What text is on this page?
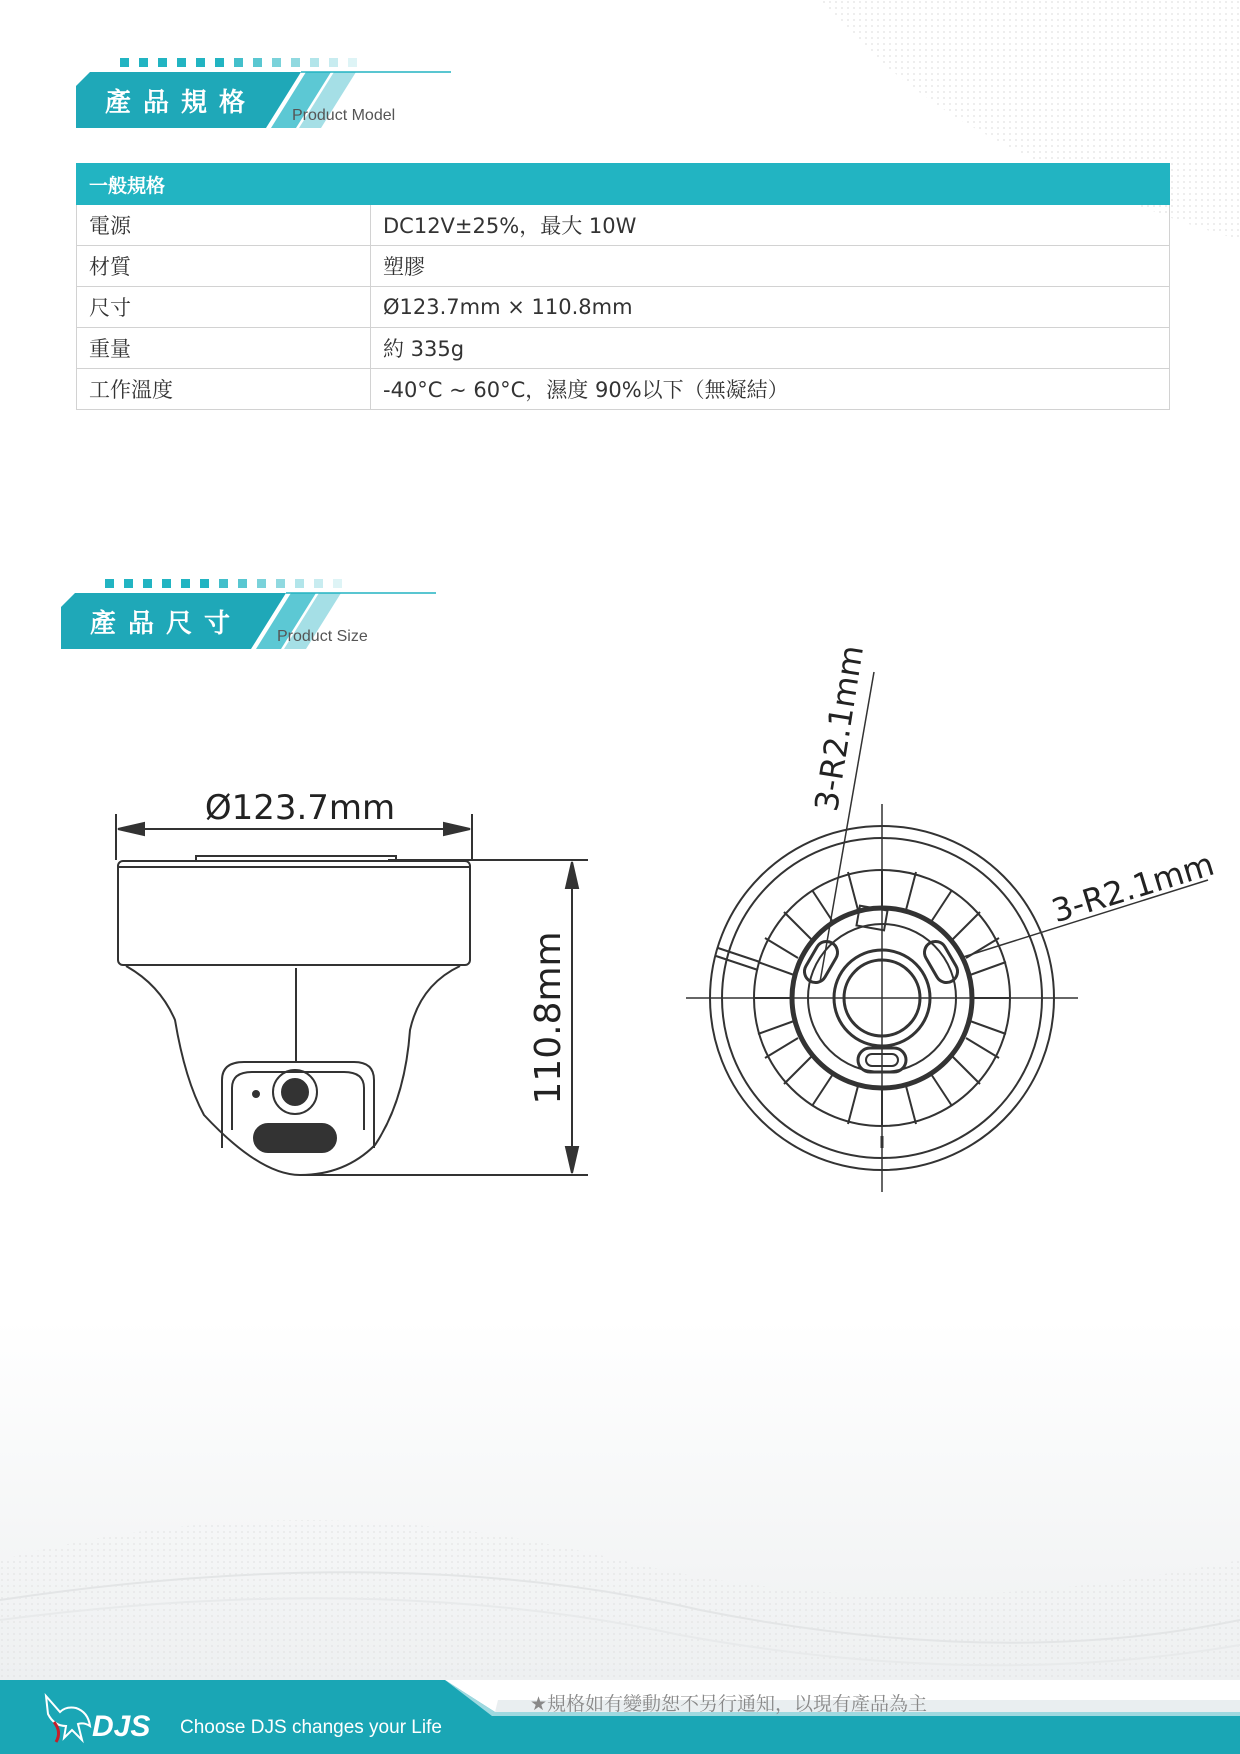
產品規格	Product Model
一般規格	
電源	DC12V±25%，最大 10W
材質	塑膠
尺寸	Ø123.7mm × 110.8mm
重量	約 335g
工作溫度	-40°C ~ 60°C，濕度 90%以下（無凝結）
產品尺寸	Product Size
Ø123.7mm
110.8mm
3-R2.1mm
3-R2.1mm
DJS Choose DJS changes your Life
★規格如有變動恕不另行通知，以現有產品為主
